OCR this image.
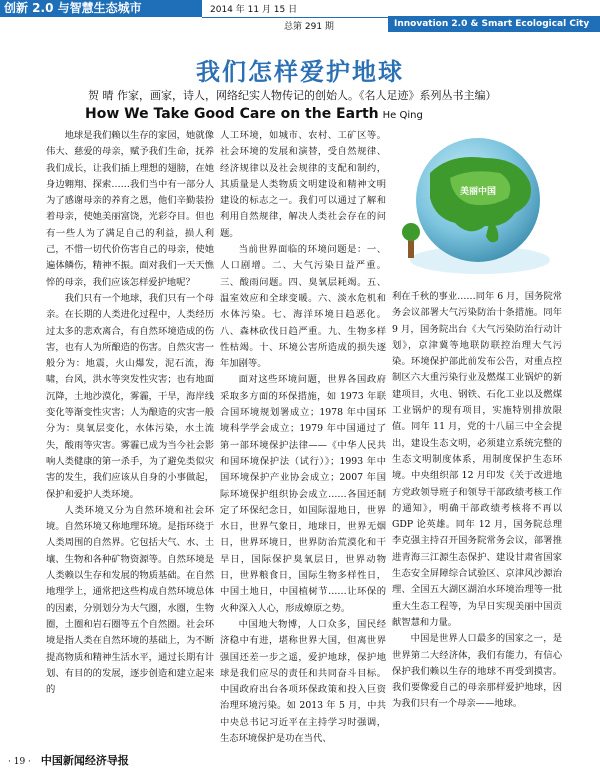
创新 2.0 与智慧生态城市	2014 年 11 月 15 日
总第 291 期	Innovation 2.0 & Smart Ecological City
我们怎样爱护地球
贺 晴 作家，画家，诗人，网络纪实人物传记的创始人。《名人足迹》系列丛书主编）
How We Take Good Care on the Earth He Qing

地球是我们赖以生存的家园，她就像伟大、慈爱的母亲，赋予我们生命，抚养我们成长，让我们插上理想的翅膀，在她身边翱翔、探索……我们当中有一部分人为了感谢母亲的养育之恩，他们辛勤装扮着母亲，使她美丽富饶，光彩夺目。但也有一些人为了满足自己的利益，损人利己，不惜一切代价伤害自己的母亲，使她遍体鳞伤，精神不振。面对我们一天天憔悴的母亲，我们应该怎样爱护地呢？

我们只有一个地球，我们只有一个母亲。在长期的人类进化过程中，人类经历过太多的悲欢离合，有自然环境造成的伤害，也有人为所酿造的伤害。自然灾害一般分为：地震，火山爆发，泥石流，海啸，台风，洪水等突发性灾害；也有地面沉降，土地沙漠化，雾霾，干旱，海岸线变化等渐变性灾害；人为酿造的灾害一般分为：臭氧层变化，水体污染，水土流失，酸雨等灾害。雾霾已成为当今社会影响人类健康的第一杀手，为了避免类似灾害的发生，我们应该从自身的小事做起，保护和爱护人类环境。

人类环境又分为自然环境和社会环境。自然环境又称地理环境。是指环绕于人类周围的自然界。它包括大气、水、土壤、生物和各种矿物资源等。自然环境是人类赖以生存和发展的物质基础。在自然地理学上，通常把这些构成自然环境总体的因素，分别划分为大气圈，水圈，生物圈，土圈和岩石圈等五个自然圈。社会环境是指人类在自然环境的基础上，为不断提高物质和精神生活水平，通过长期有计划、有目的的发展，逐步创造和建立起来的

人工环境，如城市、农村、工矿区等。社会环境的发展和演替，受自然规律、经济规律以及社会规律的支配和制约，其质量是人类物质文明建设和精神文明建设的标志之一。我们可以通过了解和利用自然规律，解决人类社会存在的问题。

当前世界面临的环境问题是：一、人口剧增。二、大气污染日益严重。三、酸雨问题。四、臭氧层耗竭。五、温室效应和全球变暖。六、淡水危机和水体污染。七、海洋环境日趋恶化。八、森林砍伐日趋严重。九、生物多样性枯竭。十、环境公害所造成的损失逐年加剧等。

面对这些环境问题，世界各国政府采取多方面的环保措施，如 1973 年联合国环境规划署成立；1978 年中国环境科学学会成立；1979 年中国通过了第一部环境保护法律——《中华人民共和国环境保护法（试行）》；1993 年中国环境保护产业协会成立；2007 年国际环境保护组织协会成立……各国还制定了环保纪念日，如国际湿地日，世界水日，世界气象日，地球日，世界无烟日，世界环境日，世界防治荒漠化和干旱日，国际保护臭氧层日，世界动物日，世界粮食日，国际生物多样性日，中国土地日，中国植树节……让环保的火种深入人心，形成燎原之势。

中国地大物博，人口众多，国民经济稳中有进，堪称世界大国，但离世界强国还差一步之遥，爱护地球，保护地球是我们应尽的责任和共同奋斗目标。中国政府出台各项环保政策和投入巨资治理环境污染。如 2013 年 5 月，中共中央总书记习近平在主持学习时强调，生态环境保护是功在当代、

美丽中国

利在千秋的事业……同年 6 月，国务院常务会议部署大气污染防治十条措施。同年 9 月，国务院出台《大气污染防治行动计划》，京津冀等地联防联控治理大气污染。环境保护部此前发布公告，对重点控制区六大重污染行业及燃煤工业锅炉的新建项目，火电、钢铁、石化工业以及燃煤工业锅炉的现有项目，实施特别排放限值。同年 11 月，党的十八届三中全会提出，建设生态文明，必须建立系统完整的生态文明制度体系，用制度保护生态环境。中央组织部 12 月印发《关于改进地方党政领导班子和领导干部政绩考核工作的通知》，明确干部政绩考核将不再以 GDP 论英雄。同年 12 月，国务院总理李克强主持召开国务院常务会议，部署推进青海三江源生态保护、建设甘肃省国家生态安全屏障综合试验区、京津风沙源治理、全国五大湖区湖泊水环境治理等一批重大生态工程等，为早日实现美丽中国贡献智慧和力量。

中国是世界人口最多的国家之一，是世界第二大经济体，我们有能力，有信心保护我们赖以生存的地球不再受到摸害。我们要像爱自己的母亲那样爱护地球，因为我们只有一个母亲——地球。

· 19 · 中国新闻经济导报
